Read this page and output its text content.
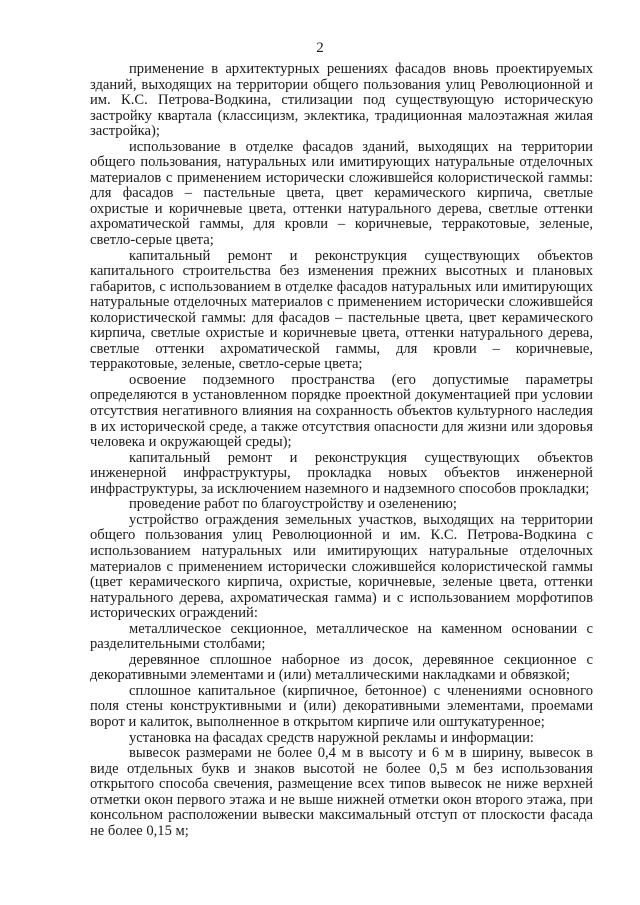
2

применение в архитектурных решениях фасадов вновь проектируемых зданий, выходящих на территории общего пользования улиц Революционной и им. К.С. Петрова-Водкина, стилизации под существующую историческую застройку квартала (классицизм, эклектика, традиционная малоэтажная жилая застройка);

использование в отделке фасадов зданий, выходящих на территории общего пользования, натуральных или имитирующих натуральные отделочных материалов с применением исторически сложившейся колористической гаммы: для фасадов – пастельные цвета, цвет керамического кирпича, светлые охристые и коричневые цвета, оттенки натурального дерева, светлые оттенки ахроматической гаммы, для кровли – коричневые, терракотовые, зеленые, светло-серые цвета;

капитальный ремонт и реконструкция существующих объектов капитального строительства без изменения прежних высотных и плановых габаритов, с использованием в отделке фасадов натуральных или имитирующих натуральные отделочных материалов с применением исторически сложившейся колористической гаммы: для фасадов – пастельные цвета, цвет керамического кирпича, светлые охристые и коричневые цвета, оттенки натурального дерева, светлые оттенки ахроматической гаммы, для кровли – коричневые, терракотовые, зеленые, светло-серые цвета;

освоение подземного пространства (его допустимые параметры определяются в установленном порядке проектной документацией при условии отсутствия негативного влияния на сохранность объектов культурного наследия в их исторической среде, а также отсутствия опасности для жизни или здоровья человека и окружающей среды);

капитальный ремонт и реконструкция существующих объектов инженерной инфраструктуры, прокладка новых объектов инженерной инфраструктуры, за исключением наземного и надземного способов прокладки;

проведение работ по благоустройству и озеленению;

устройство ограждения земельных участков, выходящих на территории общего пользования улиц Революционной и им. К.С. Петрова-Водкина с использованием натуральных или имитирующих натуральные отделочных материалов с применением исторически сложившейся колористической гаммы (цвет керамического кирпича, охристые, коричневые, зеленые цвета, оттенки натурального дерева, ахроматическая гамма) и с использованием морфотипов исторических ограждений:

металлическое секционное, металлическое на каменном основании с разделительными столбами;

деревянное сплошное наборное из досок, деревянное секционное с декоративными элементами и (или) металлическими накладками и обвязкой;

сплошное капитальное (кирпичное, бетонное) с членениями основного поля стены конструктивными и (или) декоративными элементами, проемами ворот и калиток, выполненное в открытом кирпиче или оштукатуренное;

установка на фасадах средств наружной рекламы и информации:

вывесок размерами не более 0,4 м в высоту и 6 м в ширину, вывесок в виде отдельных букв и знаков высотой не более 0,5 м без использования открытого способа свечения, размещение всех типов вывесок не ниже верхней отметки окон первого этажа и не выше нижней отметки окон второго этажа, при консольном расположении вывески максимальный отступ от плоскости фасада не более 0,15 м;
